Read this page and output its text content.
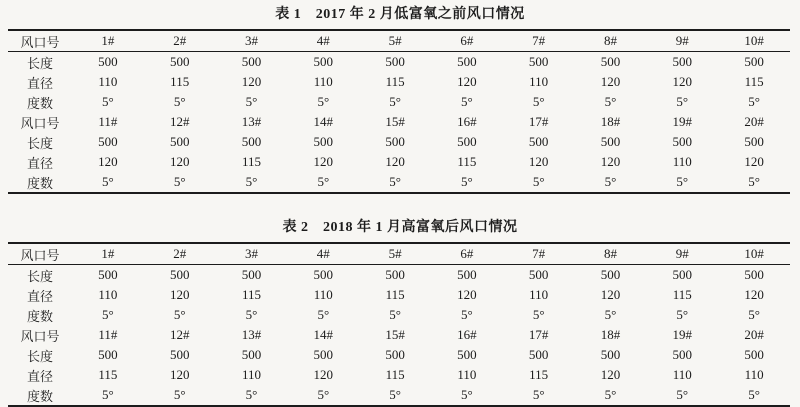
表 1　2017 年 2 月低富氧之前风口情况
风口号	1#	2#	3#	4#	5#	6#	7#	8#	9#	10#
长度	500	500	500	500	500	500	500	500	500	500
直径	110	115	120	110	115	120	110	120	120	115
度数	5°	5°	5°	5°	5°	5°	5°	5°	5°	5°
风口号	11#	12#	13#	14#	15#	16#	17#	18#	19#	20#
长度	500	500	500	500	500	500	500	500	500	500
直径	120	120	115	120	120	115	120	120	110	120
度数	5°	5°	5°	5°	5°	5°	5°	5°	5°	5°
表 2　2018 年 1 月高富氧后风口情况
风口号	1#	2#	3#	4#	5#	6#	7#	8#	9#	10#
长度	500	500	500	500	500	500	500	500	500	500
直径	110	120	115	110	115	120	110	120	115	120
度数	5°	5°	5°	5°	5°	5°	5°	5°	5°	5°
风口号	11#	12#	13#	14#	15#	16#	17#	18#	19#	20#
长度	500	500	500	500	500	500	500	500	500	500
直径	115	120	110	120	115	110	115	120	110	110
度数	5°	5°	5°	5°	5°	5°	5°	5°	5°	5°
